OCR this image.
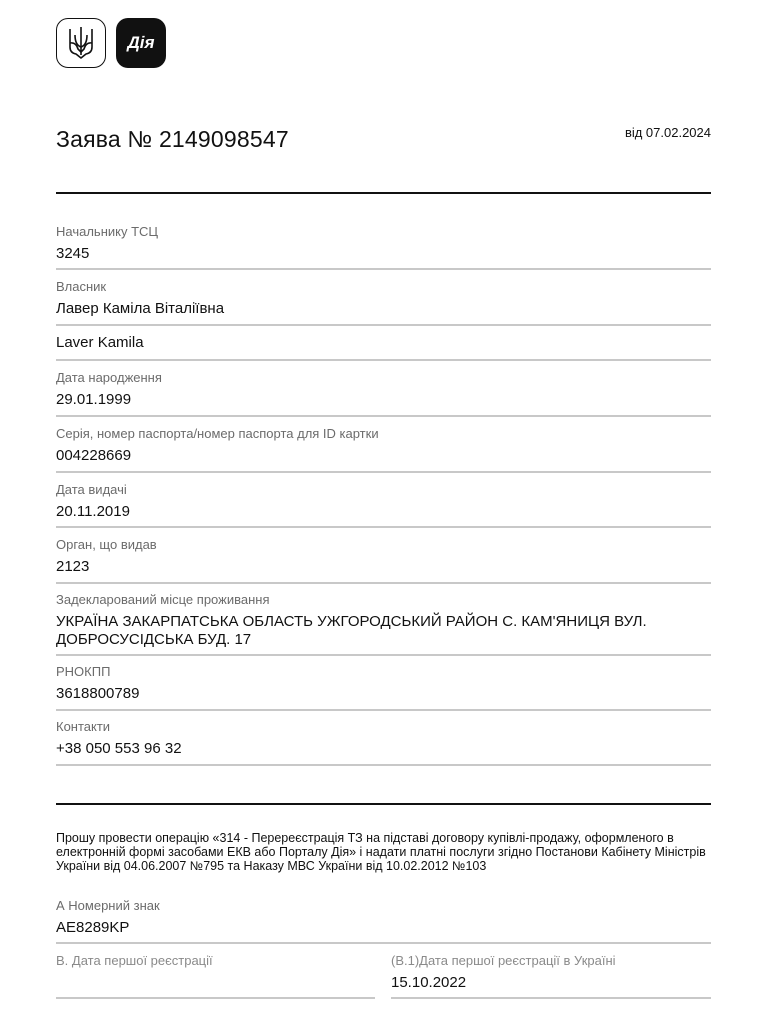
Дія
Заява № 2149098547	від 07.02.2024
Начальнику ТСЦ
3245
Власник
Лавер Каміла Віталіївна
Laver Kamila
Дата народження
29.01.1999
Серія, номер паспорта/номер паспорта для ID картки
004228669
Дата видачі
20.11.2019
Орган, що видав
2123
Задекларований місце проживання
УКРАЇНА ЗАКАРПАТСЬКА ОБЛАСТЬ УЖГОРОДСЬКИЙ РАЙОН С. КАМ'ЯНИЦЯ ВУЛ. ДОБРОСУСІДСЬКА БУД. 17
РНОКПП
3618800789
Контакти
+38 050 553 96 32
Прошу провести операцію «314 - Перереєстрація ТЗ на підставі договору купівлі-продажу, оформленого в електронній формі засобами ЕКВ або Порталу Дія» і надати платні послуги згідно Постанови Кабінету Міністрів України від 04.06.2007 №795 та Наказу МВС України від 10.02.2012 №103
А Номерний знак
AE8289KP
В. Дата першої реєстрації	(В.1)Дата першої реєстрації в Україні
15.10.2022
